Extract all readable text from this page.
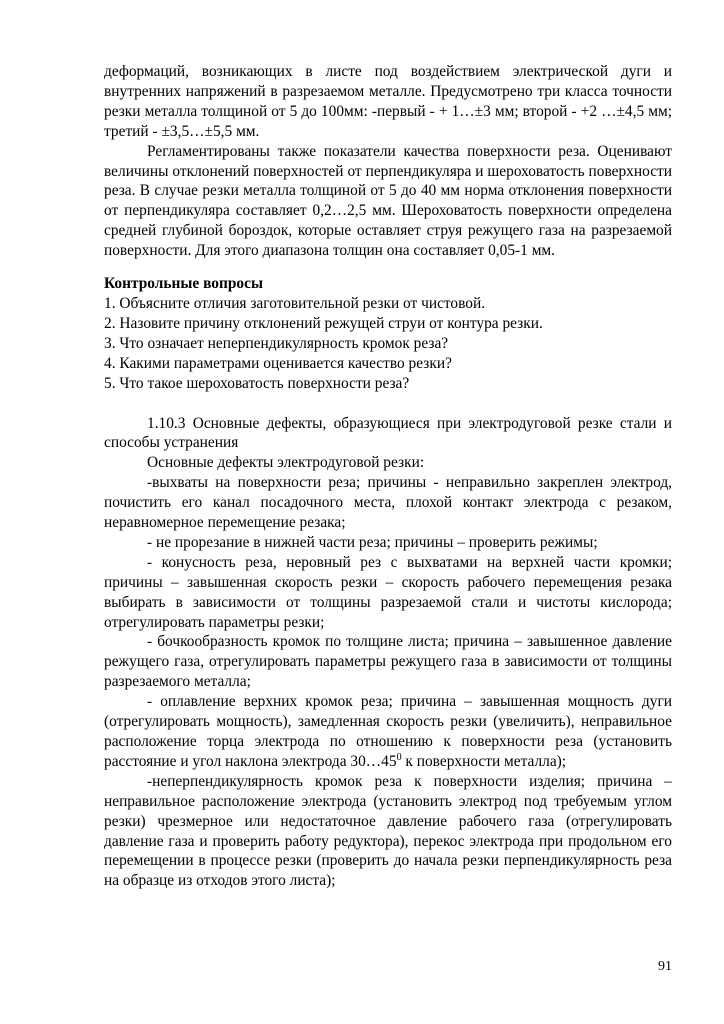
деформаций, возникающих в листе под воздействием электрической дуги и внутренних напряжений в разрезаемом металле. Предусмотрено три класса точности резки металла толщиной от 5 до 100мм: -первый - + 1…±3 мм; второй - +2 …±4,5 мм; третий - ±3,5…±5,5 мм.

Регламентированы также показатели качества поверхности реза. Оценивают величины отклонений поверхностей от перпендикуляра и шероховатость поверхности реза. В случае резки металла толщиной от 5 до 40 мм норма отклонения поверхности от перпендикуляра составляет 0,2…2,5 мм. Шероховатость поверхности определена средней глубиной бороздок, которые оставляет струя режущего газа на разрезаемой поверхности. Для этого диапазона толщин она составляет 0,05-1 мм.

Контрольные вопросы

1. Объясните отличия заготовительной резки от чистовой.

2. Назовите причину отклонений режущей струи от контура резки.

3. Что означает неперпендикулярность кромок реза?

4. Какими параметрами оценивается качество резки?

5. Что такое шероховатость поверхности реза?

1.10.3 Основные дефекты, образующиеся при электродуговой резке стали и способы устранения

Основные дефекты электродуговой резки:

-выхваты на поверхности реза; причины - неправильно закреплен электрод, почистить его канал посадочного места, плохой контакт электрода с резаком, неравномерное перемещение резака;

- не прорезание в нижней части реза; причины – проверить режимы;

- конусность реза, неровный рез с выхватами на верхней части кромки; причины – завышенная скорость резки – скорость рабочего перемещения резака выбирать в зависимости от толщины разрезаемой стали и чистоты кислорода; отрегулировать параметры резки;

- бочкообразность кромок по толщине листа; причина – завышенное давление режущего газа, отрегулировать параметры режущего газа в зависимости от толщины разрезаемого металла;

- оплавление верхних кромок реза; причина – завышенная мощность дуги (отрегулировать мощность), замедленная скорость резки (увеличить), неправильное расположение торца электрода по отношению к поверхности реза (установить расстояние и угол наклона электрода $30\dots 45^0$ к поверхности металла);

-неперпендикулярность кромок реза к поверхности изделия; причина – неправильное расположение электрода (установить электрод под требуемым углом резки) чрезмерное или недостаточное давление рабочего газа (отрегулировать давление газа и проверить работу редуктора), перекос электрода при продольном его перемещении в процессе резки (проверить до начала резки перпендикулярность реза на образце из отходов этого листа);

91
